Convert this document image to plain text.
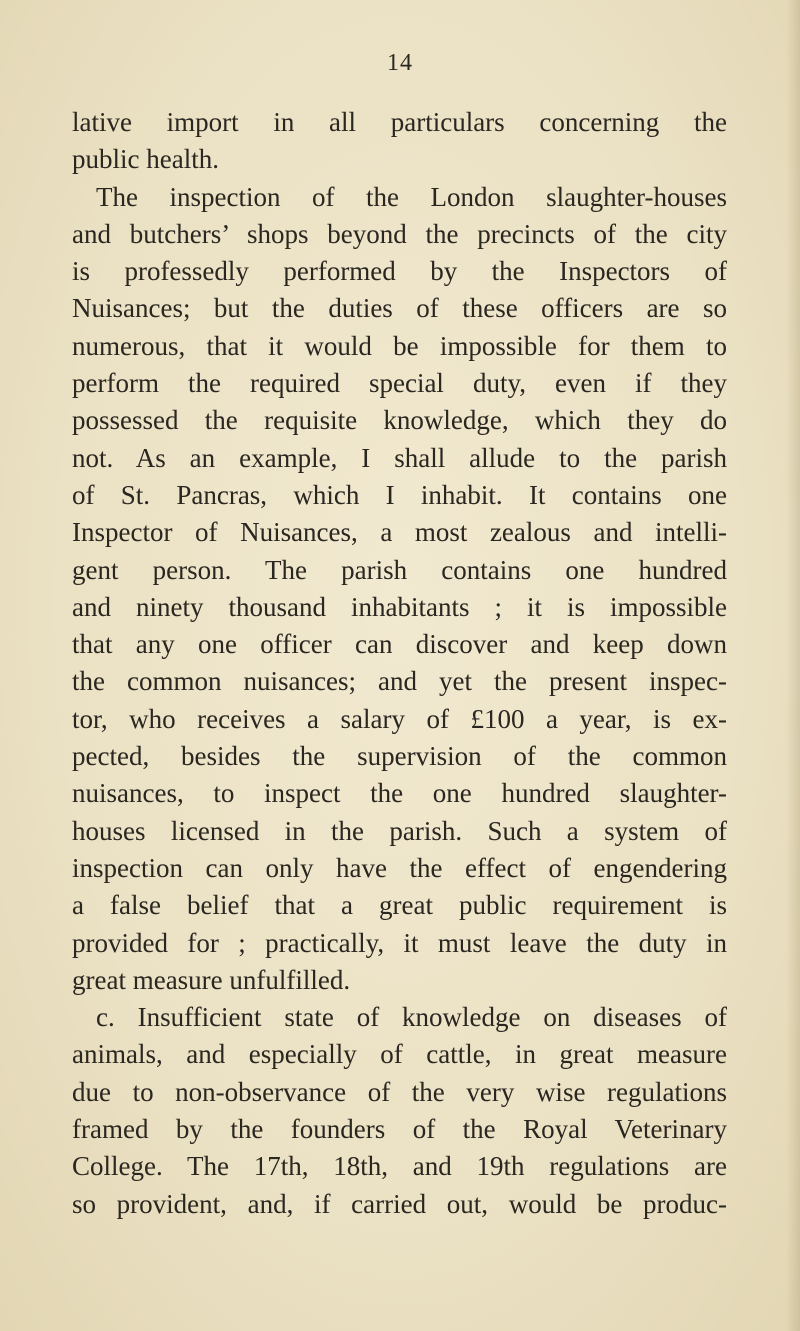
14
lative import in all particulars concerning the
public health.
The inspection of the London slaughter-houses
and butchers’ shops beyond the precincts of the city
is professedly performed by the Inspectors of
Nuisances; but the duties of these officers are so
numerous, that it would be impossible for them to
perform the required special duty, even if they
possessed the requisite knowledge, which they do
not. As an example, I shall allude to the parish
of St. Pancras, which I inhabit. It contains one
Inspector of Nuisances, a most zealous and intelli-
gent person. The parish contains one hundred
and ninety thousand inhabitants ; it is impossible
that any one officer can discover and keep down
the common nuisances; and yet the present inspec-
tor, who receives a salary of £100 a year, is ex-
pected, besides the supervision of the common
nuisances, to inspect the one hundred slaughter-
houses licensed in the parish. Such a system of
inspection can only have the effect of engendering
a false belief that a great public requirement is
provided for ; practically, it must leave the duty in
great measure unfulfilled.
c. Insufficient state of knowledge on diseases of
animals, and especially of cattle, in great measure
due to non-observance of the very wise regulations
framed by the founders of the Royal Veterinary
College. The 17th, 18th, and 19th regulations are
so provident, and, if carried out, would be produc-
